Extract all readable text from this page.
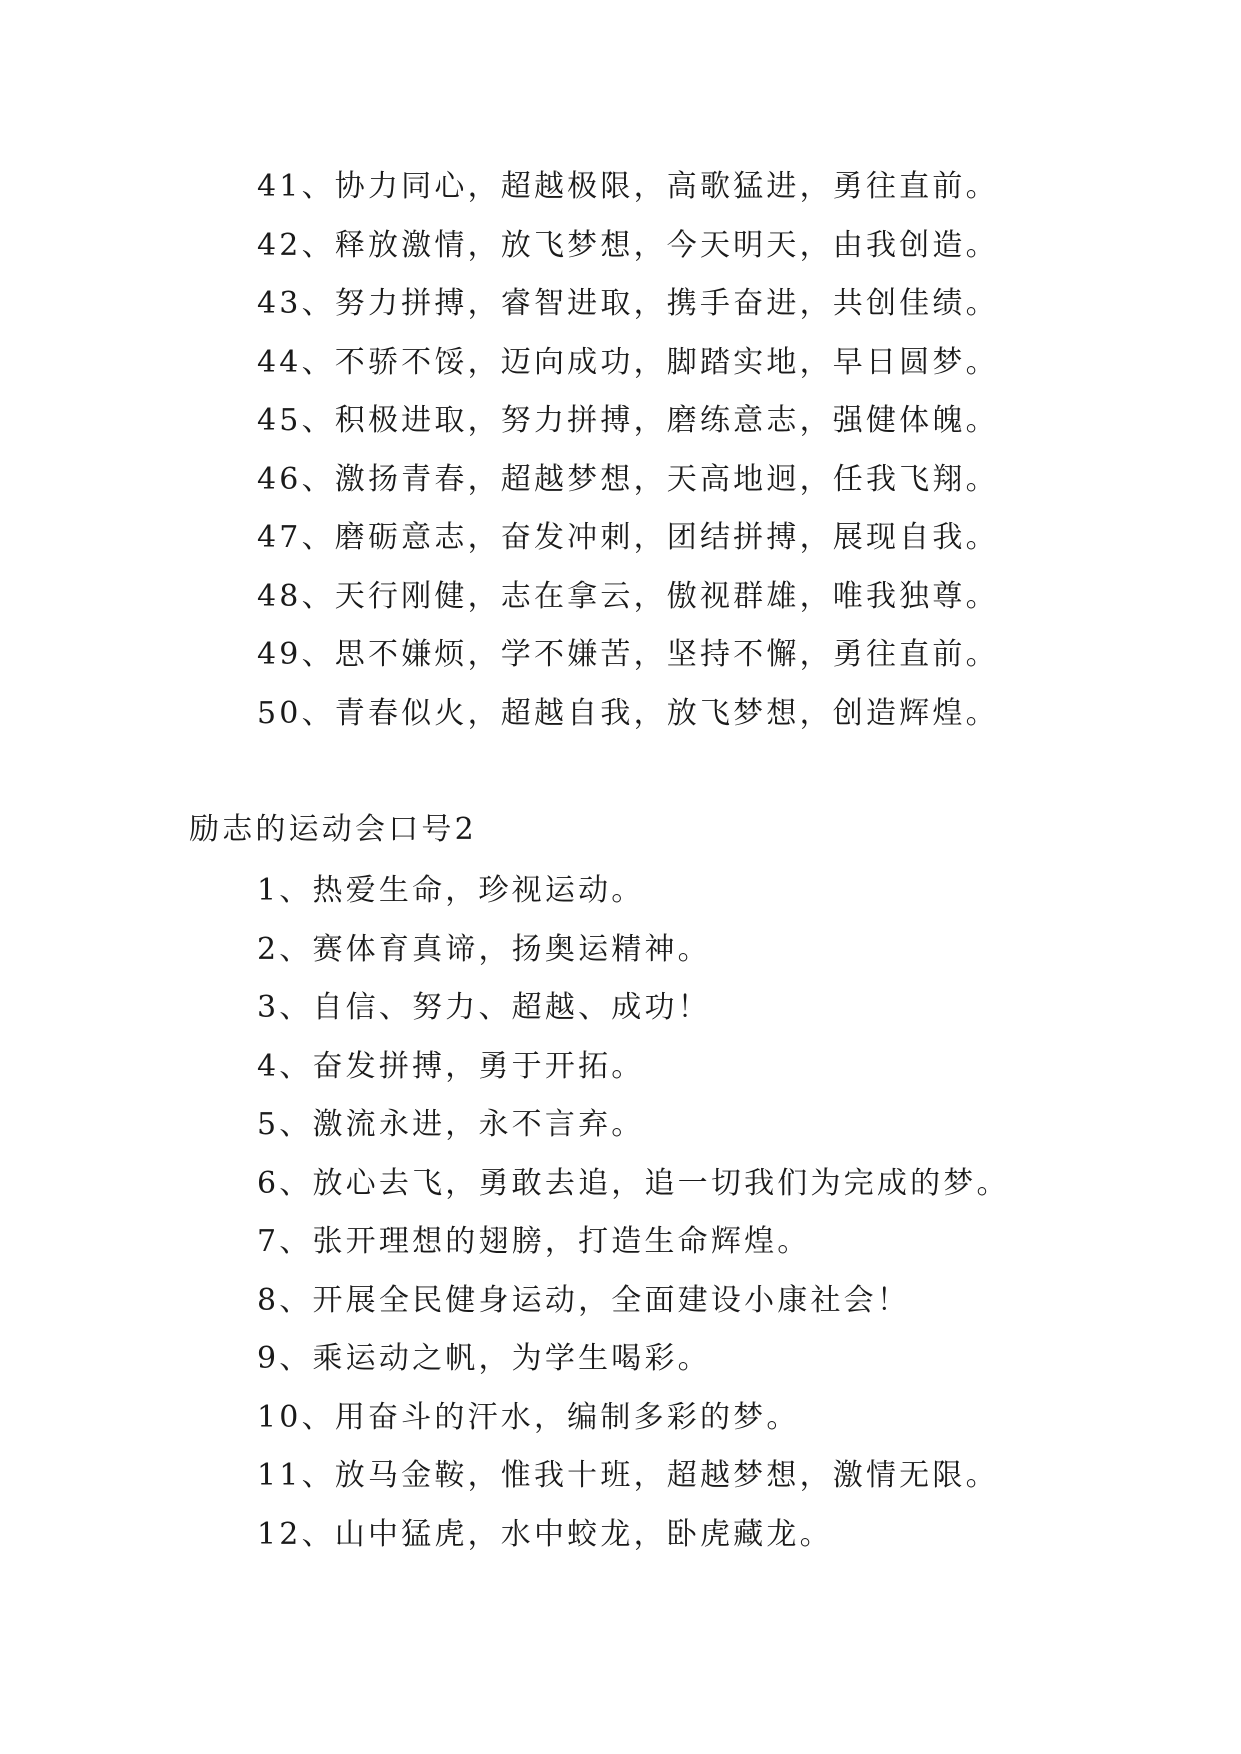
41、协力同心，超越极限，高歌猛进，勇往直前。
42、释放激情，放飞梦想，今天明天，由我创造。
43、努力拼搏，睿智进取，携手奋进，共创佳绩。
44、不骄不馁，迈向成功，脚踏实地，早日圆梦。
45、积极进取，努力拼搏，磨练意志，强健体魄。
46、激扬青春，超越梦想，天高地迥，任我飞翔。
47、磨砺意志，奋发冲刺，团结拼搏，展现自我。
48、天行刚健，志在拿云，傲视群雄，唯我独尊。
49、思不嫌烦，学不嫌苦，坚持不懈，勇往直前。
50、青春似火，超越自我，放飞梦想，创造辉煌。
励志的运动会口号2
1、热爱生命，珍视运动。
2、赛体育真谛，扬奥运精神。
3、自信、努力、超越、成功！
4、奋发拼搏，勇于开拓。
5、激流永进，永不言弃。
6、放心去飞，勇敢去追，追一切我们为完成的梦。
7、张开理想的翅膀，打造生命辉煌。
8、开展全民健身运动，全面建设小康社会！
9、乘运动之帆，为学生喝彩。
10、用奋斗的汗水，编制多彩的梦。
11、放马金鞍，惟我十班，超越梦想，激情无限。
12、山中猛虎，水中蛟龙，卧虎藏龙。
